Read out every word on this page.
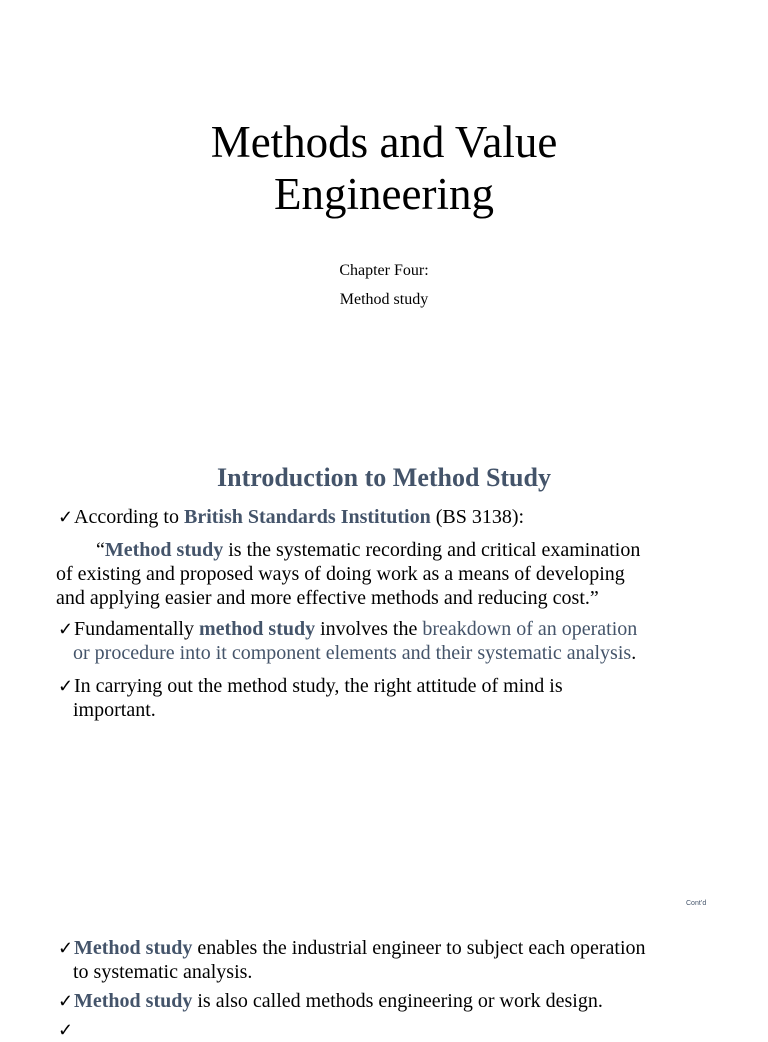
Methods and Value
Engineering
Chapter Four:
Method study
Introduction to Method Study
✓According to British Standards Institution (BS 3138):
“Method study is the systematic recording and critical examination
of existing and proposed ways of doing work as a means of developing
and applying easier and more effective methods and reducing cost.”
✓Fundamentally method study involves the breakdown of an operation
or procedure into it component elements and their systematic analysis.
✓In carrying out the method study, the right attitude of mind is
important.
Cont’d
✓Method study enables the industrial engineer to subject each operation
to systematic analysis.
✓Method study is also called methods engineering or work design.
✓
